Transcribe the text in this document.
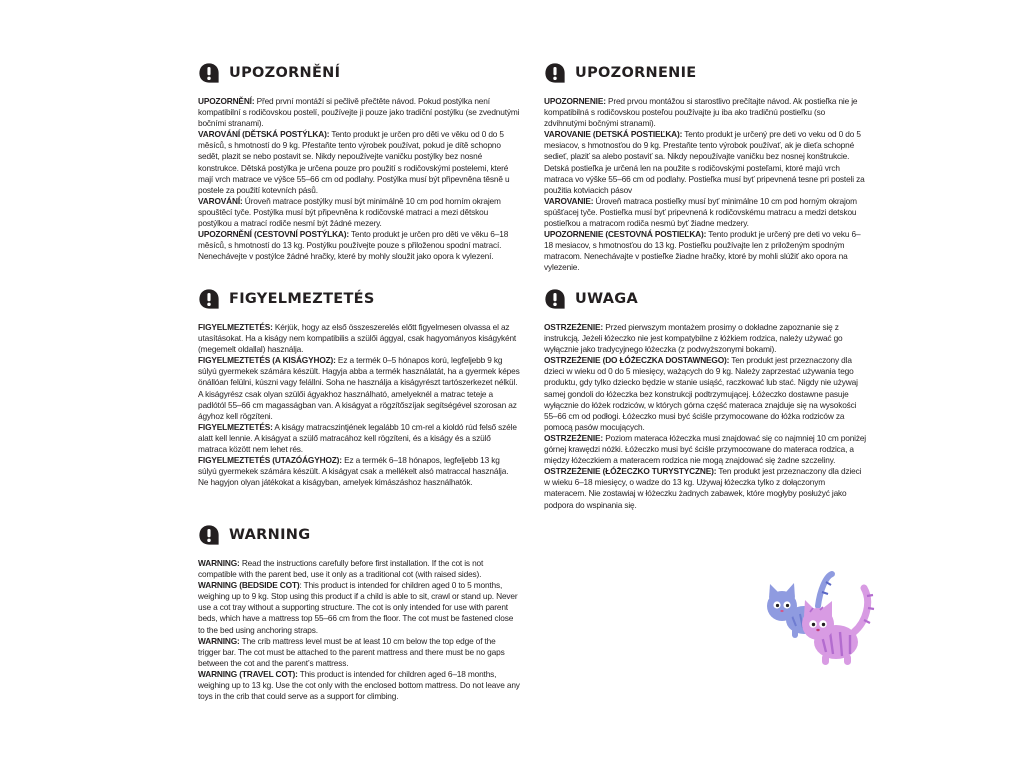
UPOZORNĚNÍ

UPOZORNĚNÍ: Před první montáží si pečlivě přečtěte návod. Pokud postýlka není kompatibilní s rodičovskou postelí, používejte ji pouze jako tradiční postýlku (se zvednutými bočními stranami).

VAROVÁNÍ (DĚTSKÁ POSTÝLKA): Tento produkt je určen pro děti ve věku od 0 do 5 měsíců, s hmotností do 9 kg. Přestaňte tento výrobek používat, pokud je dítě schopno sedět, plazit se nebo postavit se. Nikdy nepoužívejte vaničku postýlky bez nosné konstrukce. Dětská postýlka je určena pouze pro použití s rodičovskými postelemi, které mají vrch matrace ve výšce 55–66 cm od podlahy. Postýlka musí být připevněna těsně u postele za použití kotevních pásů.

VAROVÁNÍ: Úroveň matrace postýlky musí být minimálně 10 cm pod horním okrajem spouštěcí tyče. Postýlka musí být připevněna k rodičovské matraci a mezi dětskou postýlkou a matrací rodiče nesmí být žádné mezery.

UPOZORNĚNÍ (CESTOVNÍ POSTÝLKA): Tento produkt je určen pro děti ve věku 6–18 měsíců, s hmotností do 13 kg. Postýlku používejte pouze s přiloženou spodní matrací. Nenechávejte v postýlce žádné hračky, které by mohly sloužit jako opora k vylezení.

FIGYELMEZTETÉS

FIGYELMEZTETÉS: Kérjük, hogy az első összeszerelés előtt figyelmesen olvassa el az utasításokat. Ha a kiságy nem kompatibilis a szülői ággyal, csak hagyományos kiságyként (megemelt oldallal) használja.

FIGYELMEZTETÉS (A KISÁGYHOZ): Ez a termék 0–5 hónapos korú, legfeljebb 9 kg súlyú gyermekek számára készült. Hagyja abba a termék használatát, ha a gyermek képes önállóan felülni, kúszni vagy felállni. Soha ne használja a kiságyrészt tartószerkezet nélkül. A kiságyrész csak olyan szülői ágyakhoz használható, amelyeknél a matrac teteje a padlótól 55–66 cm magasságban van. A kiságyat a rögzítőszíjak segítségével szorosan az ágyhoz kell rögzíteni.

FIGYELMEZTETÉS: A kiságy matracszintjének legalább 10 cm-rel a kioldó rúd felső széle alatt kell lennie. A kiságyat a szülő matracához kell rögzíteni, és a kiságy és a szülő matraca között nem lehet rés.

FIGYELMEZTETÉS (UTAZÓÁGYHOZ): Ez a termék 6–18 hónapos, legfeljebb 13 kg súlyú gyermekek számára készült. A kiságyat csak a mellékelt alsó matraccal használja. Ne hagyjon olyan játékokat a kiságyban, amelyek kimászáshoz használhatók.

WARNING

WARNING: Read the instructions carefully before first installation. If the cot is not compatible with the parent bed, use it only as a traditional cot (with raised sides).

WARNING (BEDSIDE COT): This product is intended for children aged 0 to 5 months, weighing up to 9 kg. Stop using this product if a child is able to sit, crawl or stand up. Never use a cot tray without a supporting structure. The cot is only intended for use with parent beds, which have a mattress top 55–66 cm from the floor. The cot must be fastened close to the bed using anchoring straps.

WARNING: The crib mattress level must be at least 10 cm below the top edge of the trigger bar. The cot must be attached to the parent mattress and there must be no gaps between the cot and the parent’s mattress.

WARNING (TRAVEL COT): This product is intended for children aged 6–18 months, weighing up to 13 kg. Use the cot only with the enclosed bottom mattress. Do not leave any toys in the crib that could serve as a support for climbing.

UPOZORNENIE

UPOZORNENIE: Pred prvou montážou si starostlivo prečítajte návod. Ak postieľka nie je kompatibilná s rodičovskou posteľou používajte ju iba ako tradičnú postieľku (so zdvihnutými bočnými stranami).

VAROVANIE (DETSKÁ POSTIEĽKA): Tento produkt je určený pre deti vo veku od 0 do 5 mesiacov, s hmotnosťou do 9 kg. Prestaňte tento výrobok používať, ak je dieťa schopné sedieť, plaziť sa alebo postaviť sa. Nikdy nepoužívajte vaničku bez nosnej konštrukcie. Detská postieľka je určená len na použite s rodičovskými posteľami, ktoré majú vrch matraca vo výške 55–66 cm od podlahy. Postieľka musí byť pripevnená tesne pri posteli za použitia kotviacich pásov

VAROVANIE: Úroveň matraca postieľky musí byť minimálne 10 cm pod horným okrajom spúšťacej tyče. Postieľka musí byť pripevnená k rodičovskému matracu a medzi detskou postieľkou a matracom rodiča nesmú byť žiadne medzery.

UPOZORNENIE (CESTOVNÁ POSTIEĽKA): Tento produkt je určený pre deti vo veku 6–18 mesiacov, s hmotnosťou do 13 kg. Postieľku používajte len z priloženým spodným matracom. Nenechávajte v postieľke žiadne hračky, ktoré by mohli slúžiť ako opora na vylezenie.

UWAGA

OSTRZEŻENIE: Przed pierwszym montażem prosimy o dokładne zapoznanie się z instrukcją. Jeżeli łóżeczko nie jest kompatybilne z łóżkiem rodzica, należy używać go wyłącznie jako tradycyjnego łóżeczka (z podwyższonymi bokami).

OSTRZEŻENIE (DO ŁÓŻECZKA DOSTAWNEGO): Ten produkt jest przeznaczony dla dzieci w wieku od 0 do 5 miesięcy, ważących do 9 kg. Należy zaprzestać używania tego produktu, gdy tylko dziecko będzie w stanie usiąść, raczkować lub stać. Nigdy nie używaj samej gondoli do łóżeczka bez konstrukcji podtrzymującej. Łóżeczko dostawne pasuje wyłącznie do łóżek rodziców, w których górna część materaca znajduje się na wysokości 55–66 cm od podłogi. Łóżeczko musi być ściśle przymocowane do łóżka rodziców za pomocą pasów mocujących.

OSTRZEŻENIE: Poziom materaca łóżeczka musi znajdować się co najmniej 10 cm poniżej górnej krawędzi nóżki. Łóżeczko musi być ściśle przymocowane do materaca rodzica, a między łóżeczkiem a materacem rodzica nie mogą znajdować się żadne szczeliny.

OSTRZEŻENIE (ŁÓŻECZKO TURYSTYCZNE): Ten produkt jest przeznaczony dla dzieci w wieku 6–18 miesięcy, o wadze do 13 kg. Używaj łóżeczka tylko z dołączonym materacem. Nie zostawiaj w łóżeczku żadnych zabawek, które mogłyby posłużyć jako podpora do wspinania się.
